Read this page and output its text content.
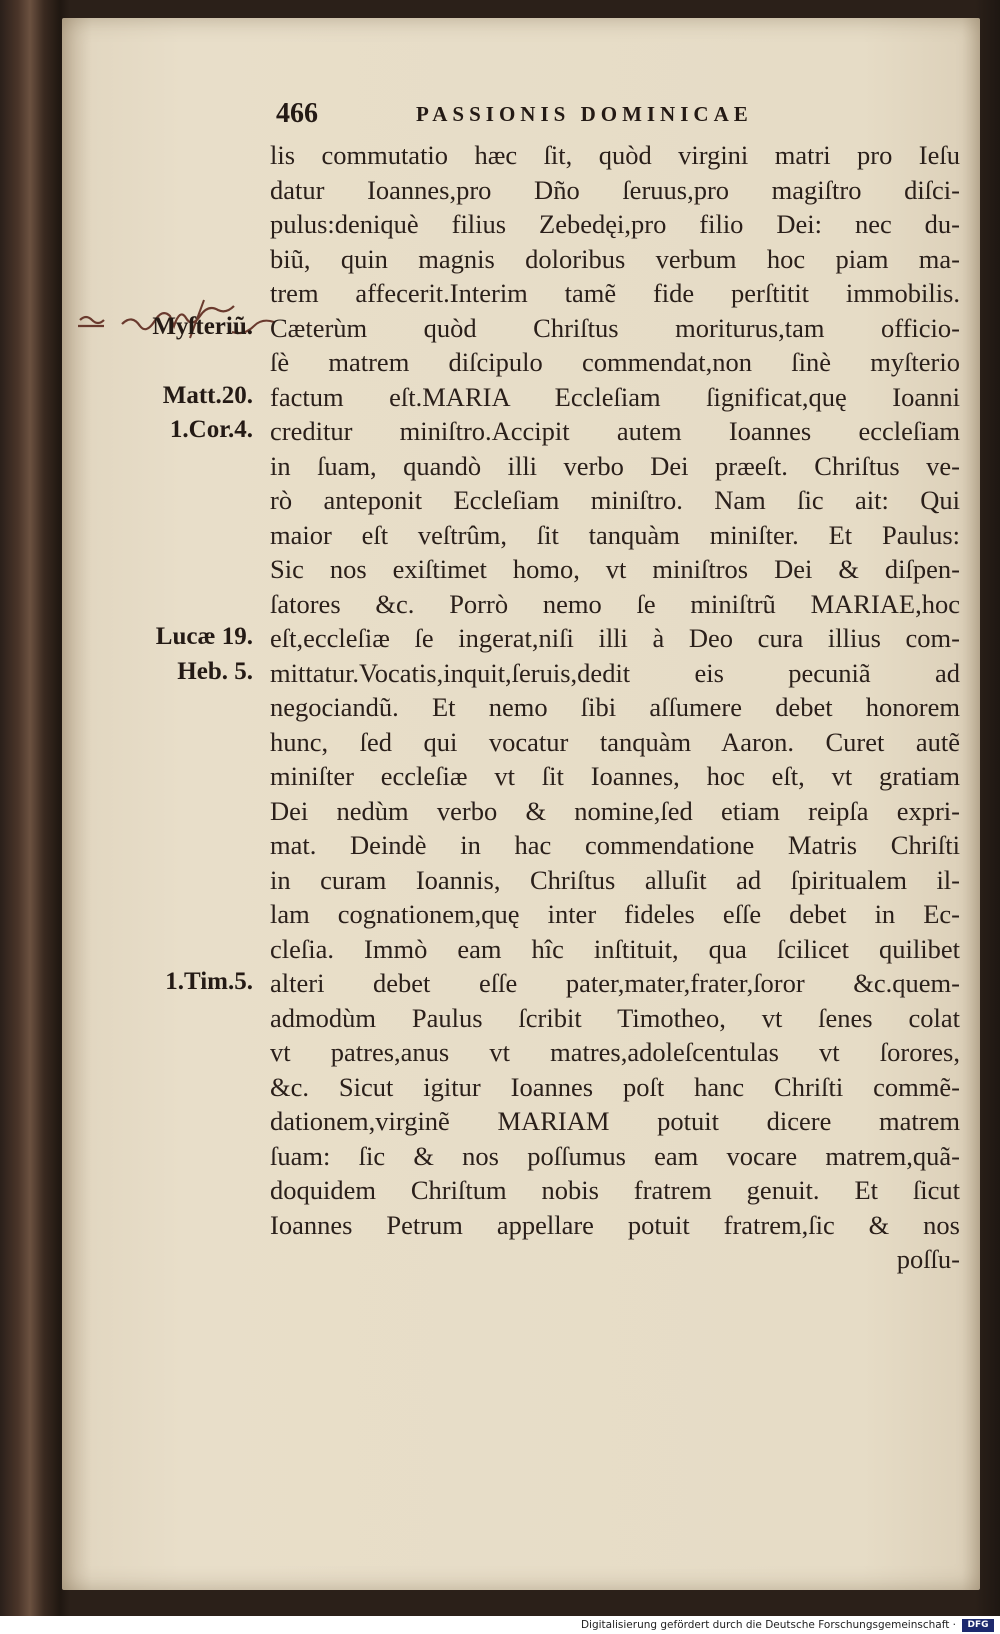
466	PASSIONIS DOMINICAE
lis commutatio hæc ſit, quòd virgini matri pro Ieſu
datur Ioannes,pro Dño ſeruus,pro magiſtro diſci-
pulus:deniquè filius Zebedęi,pro filio Dei: nec du-
biũ, quin magnis doloribus verbum hoc piam ma-
trem affecerit.Interim tamẽ fide perſtitit immobilis.
Cæterùm quòd Chriſtus moriturus,tam officio-
ſè matrem diſcipulo commendat,non ſinè myſterio
factum eſt.MARIA Eccleſiam ſignificat,quę Ioanni
creditur miniſtro.Accipit autem Ioannes eccleſiam
in ſuam, quandò illi verbo Dei præeſt. Chriſtus ve-
rò anteponit Eccleſiam miniſtro. Nam ſic ait: Qui
maior eſt veſtrûm, ſit tanquàm miniſter. Et Paulus:
Sic nos exiſtimet homo, vt miniſtros Dei & diſpen-
ſatores &c. Porrò nemo ſe miniſtrũ MARIAE,hoc
eſt,eccleſiæ ſe ingerat,niſi illi à Deo cura illius com-
mittatur.Vocatis,inquit,ſeruis,dedit eis pecuniã ad
negociandũ. Et nemo ſibi aſſumere debet honorem
hunc, ſed qui vocatur tanquàm Aaron. Curet autẽ
miniſter eccleſiæ vt ſit Ioannes, hoc eſt, vt gratiam
Dei nedùm verbo & nomine,ſed etiam reipſa expri-
mat. Deindè in hac commendatione Matris Chriſti
in curam Ioannis, Chriſtus alluſit ad ſpiritualem il-
lam cognationem,quę inter fideles eſſe debet in Ec-
cleſia. Immò eam hîc inſtituit, qua ſcilicet quilibet
alteri debet eſſe pater,mater,frater,ſoror &c.quem-
admodùm Paulus ſcribit Timotheo, vt ſenes colat
vt patres,anus vt matres,adoleſcentulas vt ſorores,
&c. Sicut igitur Ioannes poſt hanc Chriſti commẽ-
dationem,virginẽ MARIAM potuit dicere matrem
ſuam: ſic & nos poſſumus eam vocare matrem,quã-
doquidem Chriſtum nobis fratrem genuit. Et ſicut
Ioannes Petrum appellare potuit fratrem,ſic & nos
poſſu-
Myſteriũ.
Matt.20.
1.Cor.4.
Lucæ 19.
Heb. 5.
1.Tim.5.
Digitalisierung gefördert durch die Deutsche Forschungsgemeinschaft ·	DFG
